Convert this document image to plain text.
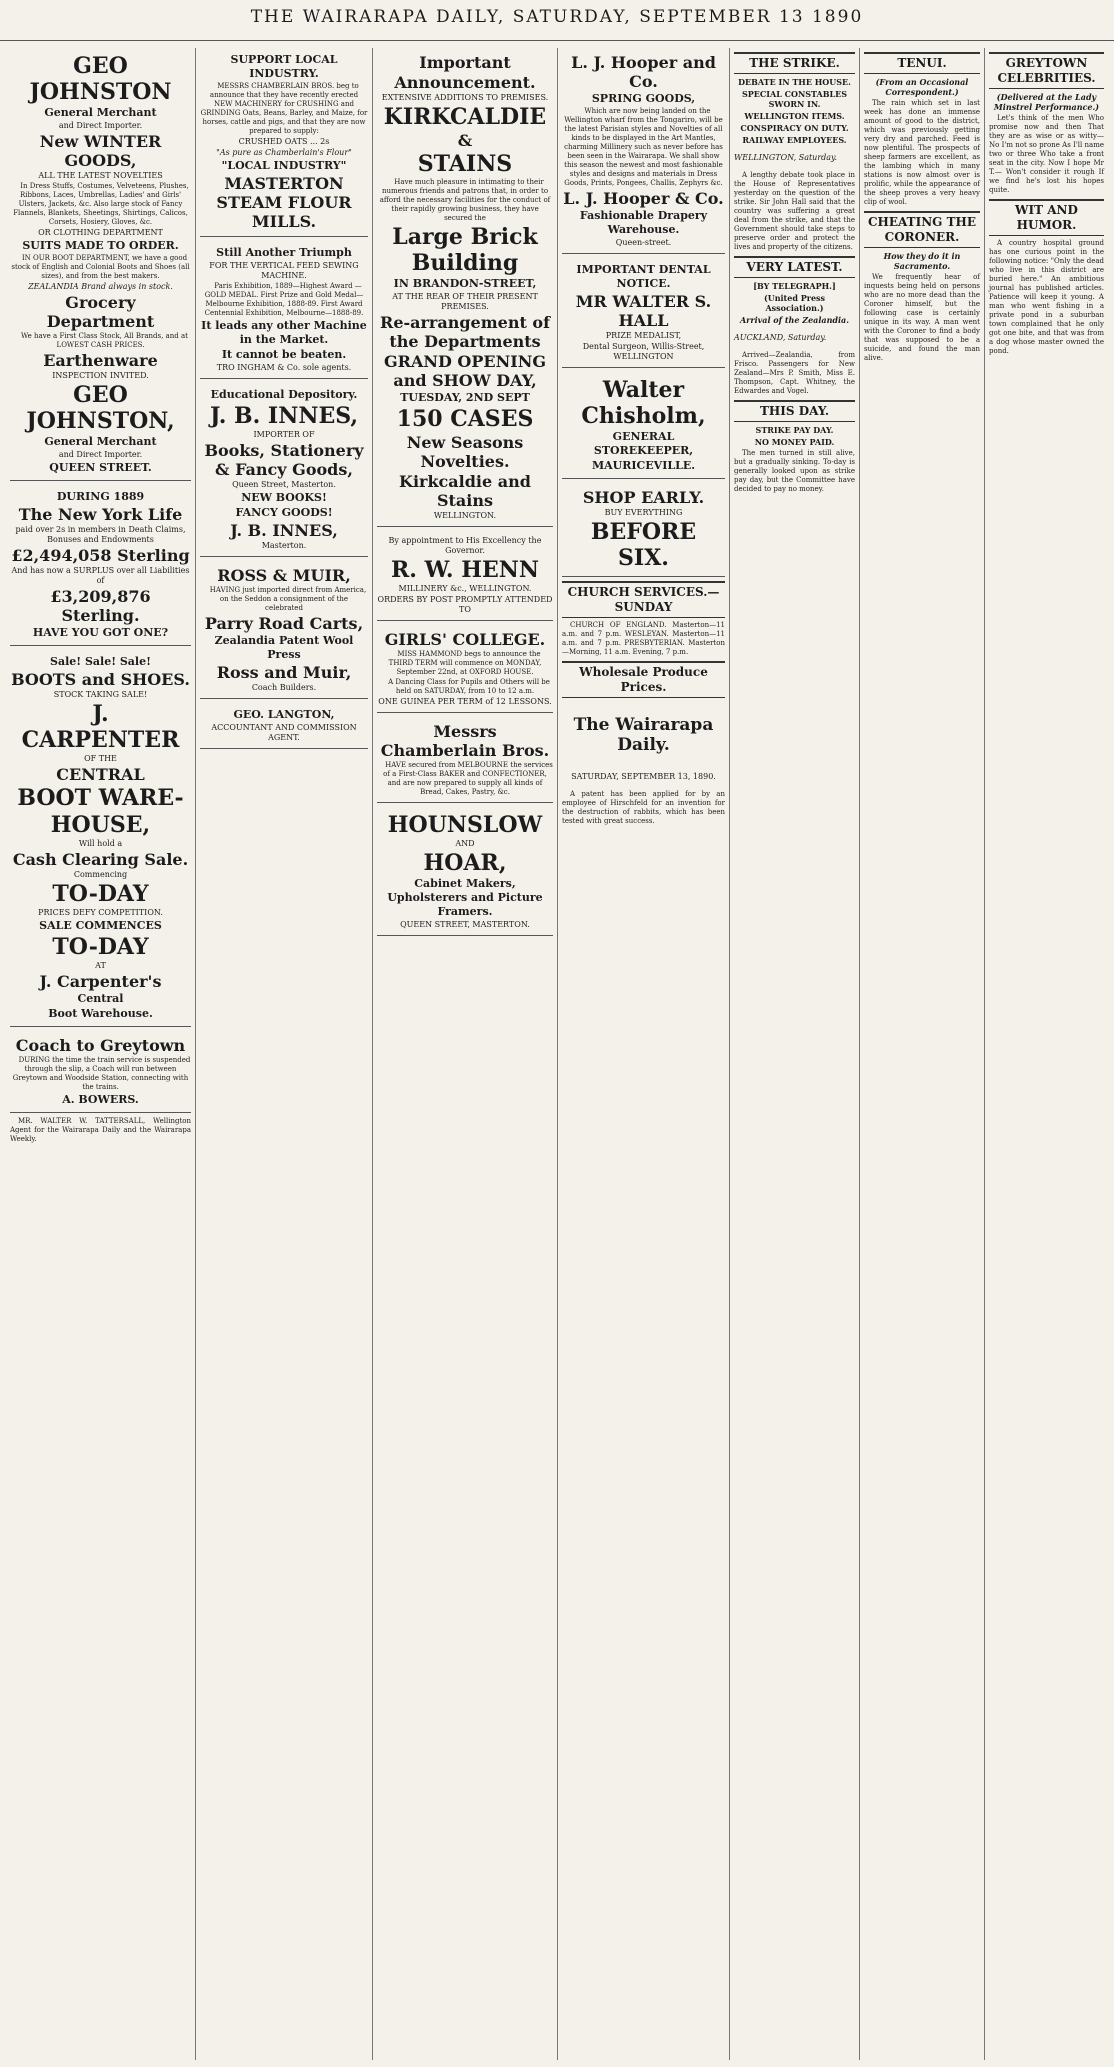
THE WAIRARAPA DAILY, SATURDAY, SEPTEMBER 13 1890

GEO JOHNSTON

General Merchant

and Direct Importer.

New WINTER GOODS,

ALL THE LATEST NOVELTIES

In Dress Stuffs, Costumes, Velveteens, Plushes, Ribbons, Laces, Umbrellas, Ladies' and Girls' Ulsters, Jackets, &c. Also large stock of Fancy Flannels, Blankets, Sheetings, Shirtings, Calicos, Corsets, Hosiery, Gloves, &c.

OR CLOTHING DEPARTMENT

SUITS MADE TO ORDER.

IN OUR BOOT DEPARTMENT, we have a good stock of English and Colonial Boots and Shoes (all sizes), and from the best makers.

ZEALANDIA Brand always in stock.

Grocery Department

We have a First Class Stock, All Brands, and at LOWEST CASH PRICES.

Earthenware

INSPECTION INVITED.

GEO JOHNSTON,

General Merchant

and Direct Importer.

QUEEN STREET.

DURING 1889

The New York Life

paid over 2s in members in Death Claims, Bonuses and Endowments

£2,494,058 Sterling

And has now a SURPLUS over all Liabilities of

£3,209,876 Sterling.

HAVE YOU GOT ONE?

Sale! Sale! Sale!

BOOTS and SHOES.

STOCK TAKING SALE!

J. CARPENTER

OF THE

CENTRAL

BOOT WARE-

HOUSE,

Will hold a

Cash Clearing Sale.

Commencing

TO-DAY

PRICES DEFY COMPETITION.

SALE COMMENCES

TO-DAY

AT

J. Carpenter's

Central

Boot Warehouse.

Coach to Greytown

DURING the time the train service is suspended through the slip, a Coach will run between Greytown and Woodside Station, connecting with the trains.

A. BOWERS.

MR. WALTER W. TATTERSALL, Wellington Agent for the Wairarapa Daily and the Wairarapa Weekly.

SUPPORT LOCAL INDUSTRY.

MESSRS CHAMBERLAIN BROS. beg to announce that they have recently erected NEW MACHINERY for CRUSHING and GRINDING Oats, Beans, Barley, and Maize, for horses, cattle and pigs, and that they are now prepared to supply:

CRUSHED OATS ... 2s

"As pure as Chamberlain's Flour"

"LOCAL INDUSTRY"

MASTERTON STEAM FLOUR MILLS.

Still Another Triumph

FOR THE VERTICAL FEED SEWING MACHINE.

Paris Exhibition, 1889—Highest Award —GOLD MEDAL. First Prize and Gold Medal—Melbourne Exhibition, 1888-89. First Award Centennial Exhibition, Melbourne—1888-89.

It leads any other Machine in the Market.

It cannot be beaten.

TRO INGHAM & Co. sole agents.

Educational Depository.

J. B. INNES,

IMPORTER OF

Books, Stationery & Fancy Goods,

Queen Street, Masterton.

NEW BOOKS!

FANCY GOODS!

J. B. INNES,

Masterton.

ROSS & MUIR,

HAVING just imported direct from America, on the Seddon a consignment of the celebrated

Parry Road Carts,

Zealandia Patent Wool Press

Ross and Muir,

Coach Builders.

GEO. LANGTON,

ACCOUNTANT AND COMMISSION AGENT.

Important

Announcement.

EXTENSIVE ADDITIONS TO PREMISES.

KIRKCALDIE

&

STAINS

Have much pleasure in intimating to their numerous friends and patrons that, in order to afford the necessary facilities for the conduct of their rapidly growing business, they have secured the

Large Brick Building

IN BRANDON-STREET,

AT THE REAR OF THEIR PRESENT PREMISES.

Re-arrangement of the Departments

GRAND OPENING and SHOW DAY,

TUESDAY, 2ND SEPT

150 CASES

New Seasons Novelties.

Kirkcaldie and Stains

WELLINGTON.

By appointment to His Excellency the Governor.

R. W. HENN

MILLINERY &c., WELLINGTON.

ORDERS BY POST PROMPTLY ATTENDED TO

GIRLS' COLLEGE.

MISS HAMMOND begs to announce the THIRD TERM will commence on MONDAY, September 22nd, at OXFORD HOUSE.

A Dancing Class for Pupils and Others will be held on SATURDAY, from 10 to 12 a.m.

ONE GUINEA PER TERM of 12 LESSONS.

Messrs Chamberlain Bros.

HAVE secured from MELBOURNE the services of a First-Class BAKER and CONFECTIONER, and are now prepared to supply all kinds of Bread, Cakes, Pastry, &c.

HOUNSLOW

AND

HOAR,

Cabinet Makers, Upholsterers and Picture Framers.

QUEEN STREET, MASTERTON.

L. J. Hooper and Co.

SPRING GOODS,

Which are now being landed on the Wellington wharf from the Tongariro, will be the latest Parisian styles and Novelties of all kinds to be displayed in the Art Mantles, charming Millinery such as never before has been seen in the Wairarapa. We shall show this season the newest and most fashionable styles and designs and materials in Dress Goods, Prints, Pongees, Challis, Zephyrs &c.

L. J. Hooper & Co.

Fashionable Drapery Warehouse.

Queen-street.

IMPORTANT DENTAL NOTICE.

MR WALTER S. HALL

PRIZE MEDALIST,

Dental Surgeon, Willis-Street, WELLINGTON

Walter Chisholm,

GENERAL STOREKEEPER,

MAURICEVILLE.

SHOP EARLY.

BUY EVERYTHING

BEFORE SIX.

CHURCH SERVICES.—SUNDAY

CHURCH OF ENGLAND. Masterton—11 a.m. and 7 p.m. WESLEYAN. Masterton—11 a.m. and 7 p.m. PRESBYTERIAN. Masterton—Morning, 11 a.m. Evening, 7 p.m.

Wholesale Produce Prices.

The Wairarapa Daily.

SATURDAY, SEPTEMBER 13, 1890.

A patent has been applied for by an employee of Hirschfeld for an invention for the destruction of rabbits, which has been tested with great success.

THE STRIKE.

DEBATE IN THE HOUSE.

SPECIAL CONSTABLES SWORN IN.

WELLINGTON ITEMS.

CONSPIRACY ON DUTY.

RAILWAY EMPLOYEES.

WELLINGTON, Saturday.

A lengthy debate took place in the House of Representatives yesterday on the question of the strike. Sir John Hall said that the country was suffering a great deal from the strike, and that the Government should take steps to preserve order and protect the lives and property of the citizens.

VERY LATEST.

[BY TELEGRAPH.]

(United Press Association.)

Arrival of the Zealandia.

AUCKLAND, Saturday.

Arrived—Zealandia, from Frisco. Passengers for New Zealand—Mrs P. Smith, Miss E. Thompson, Capt. Whitney, the Edwardes and Vogel.

THIS DAY.

STRIKE PAY DAY.

NO MONEY PAID.

The men turned in still alive, but a gradually sinking. To-day is generally looked upon as strike pay day, but the Committee have decided to pay no money.

TENUI.

(From an Occasional Correspondent.)

The rain which set in last week has done an immense amount of good to the district, which was previously getting very dry and parched. Feed is now plentiful. The prospects of sheep farmers are excellent, as the lambing which in many stations is now almost over is prolific, while the appearance of the sheep proves a very heavy clip of wool.

CHEATING THE CORONER.

How they do it in Sacramento.

We frequently hear of inquests being held on persons who are no more dead than the Coroner himself, but the following case is certainly unique in its way. A man went with the Coroner to find a body that was supposed to be a suicide, and found the man alive.

GREYTOWN CELEBRITIES.

(Delivered at the Lady Minstrel Performance.)

Let's think of the men Who promise now and then That they are as wise or as witty— No I'm not so prone As I'll name two or three Who take a front seat in the city. Now I hope Mr T.— Won't consider it rough If we find he's lost his hopes quite.

WIT AND HUMOR.

A country hospital ground has one curious point in the following notice: "Only the dead who live in this district are buried here." An ambitious journal has published articles. Patience will keep it young. A man who went fishing in a private pond in a suburban town complained that he only got one bite, and that was from a dog whose master owned the pond.
